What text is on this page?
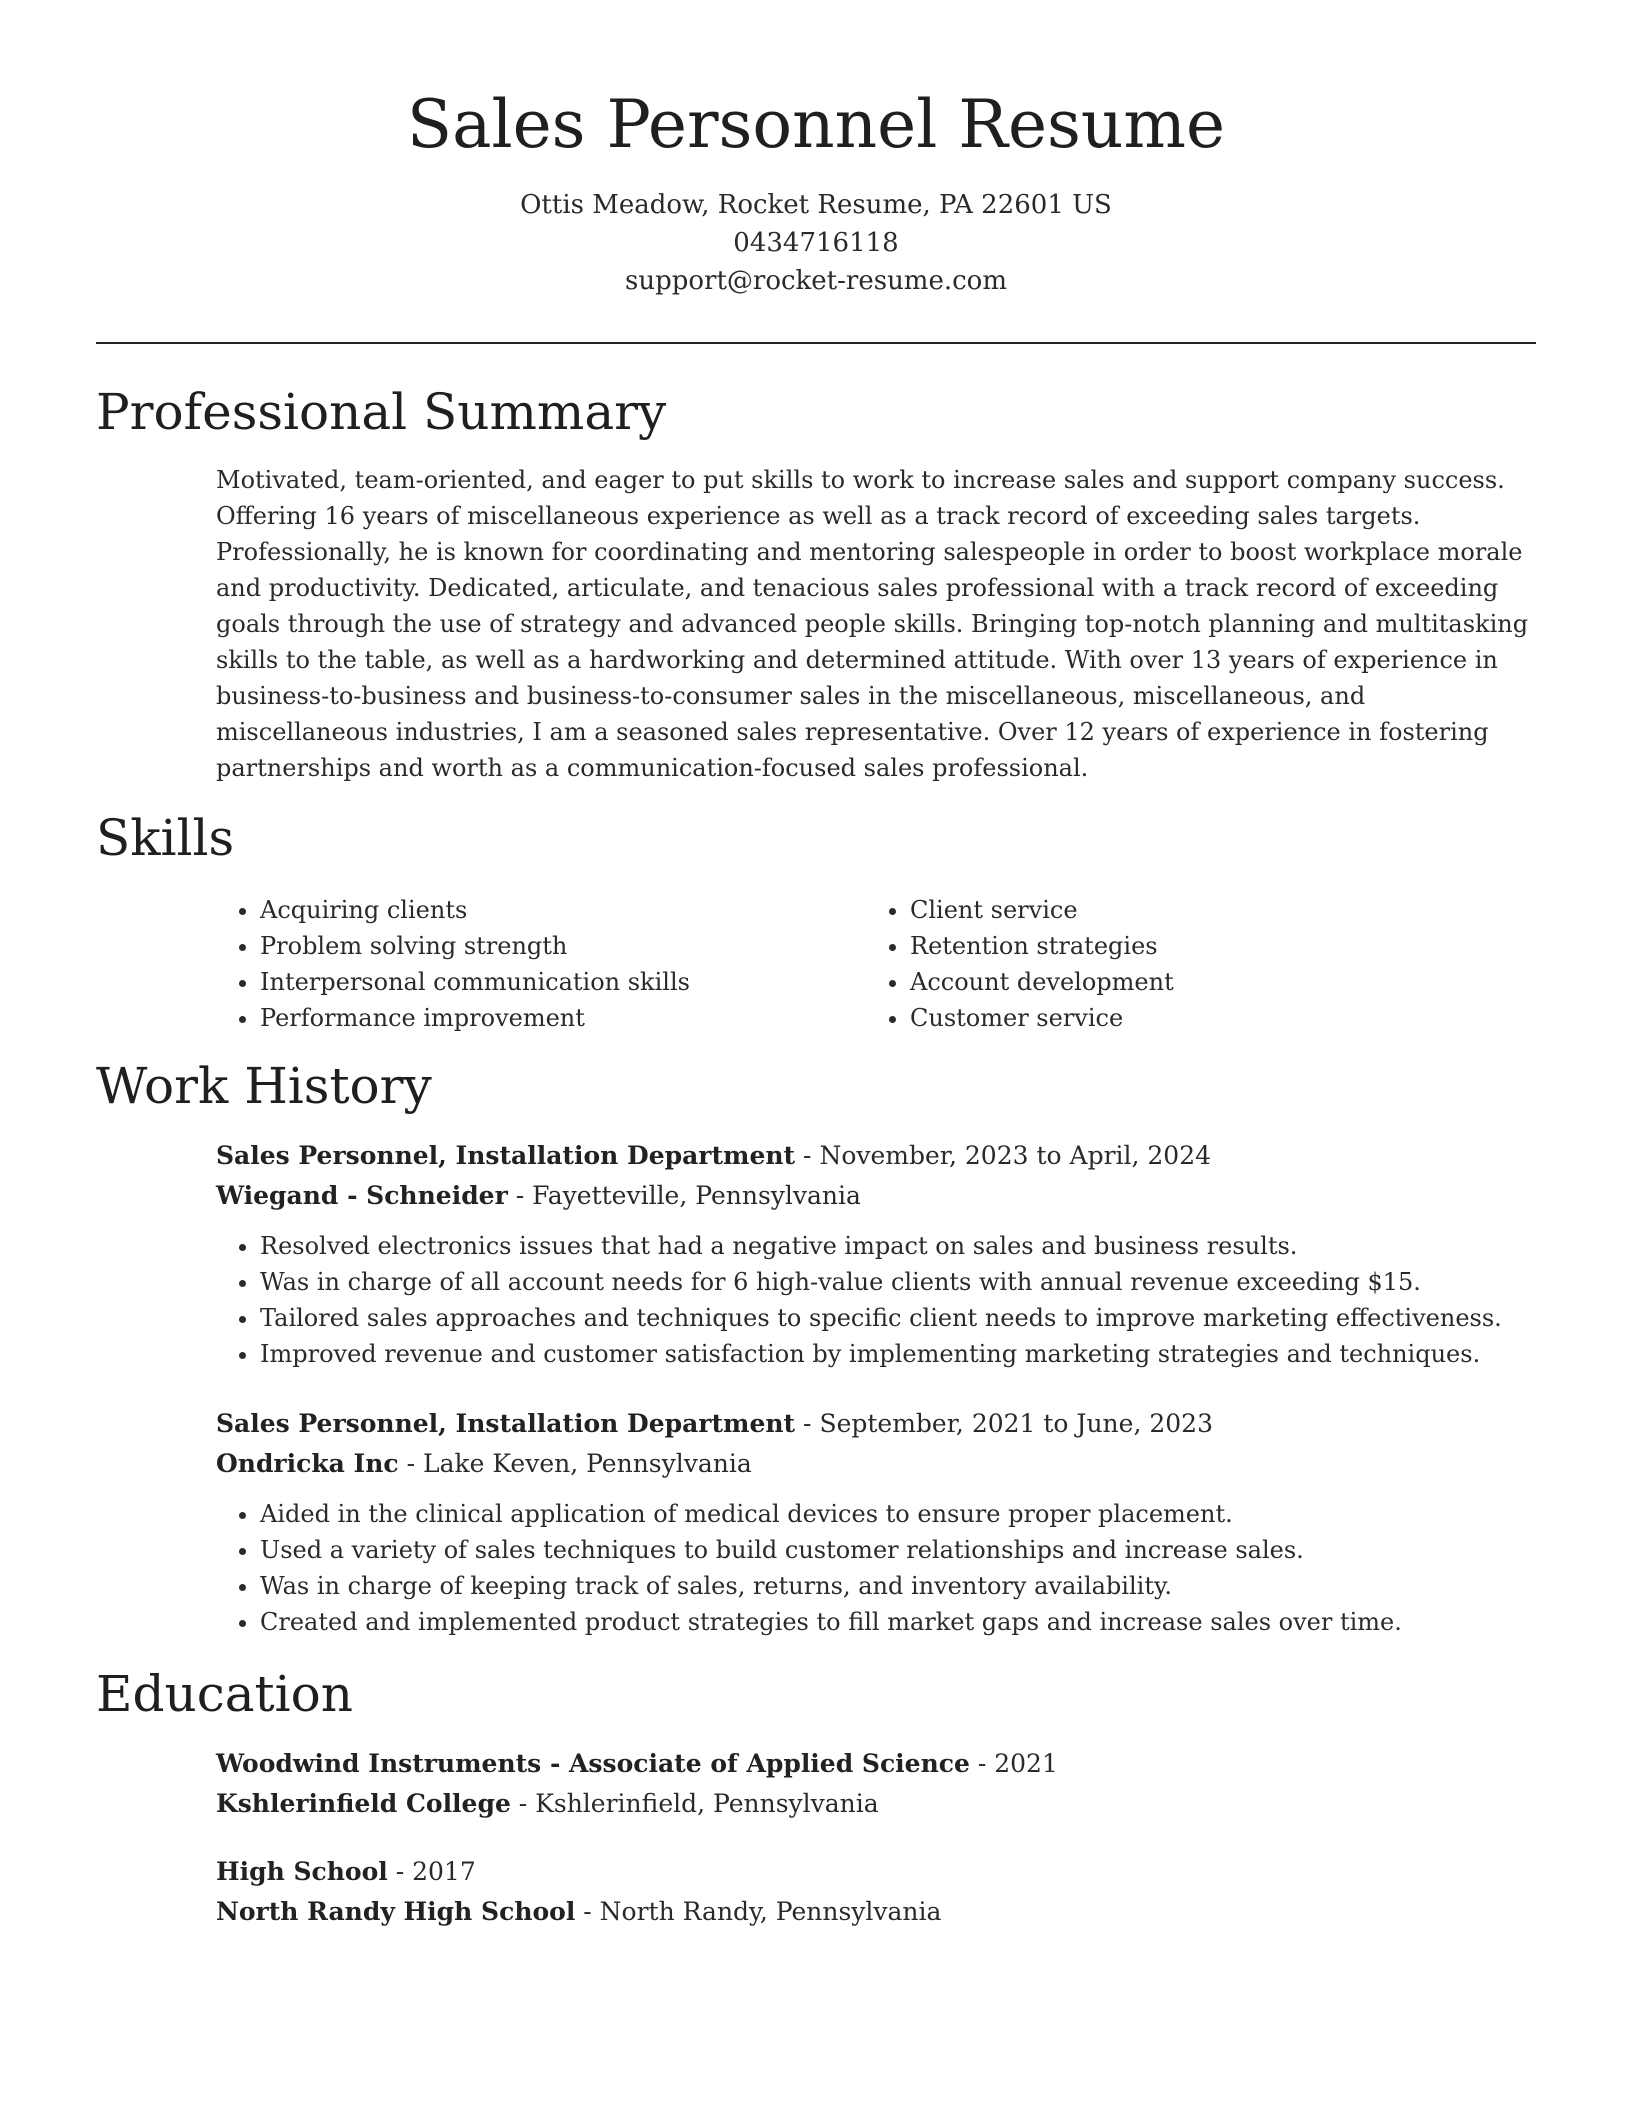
Sales Personnel Resume
Ottis Meadow, Rocket Resume, PA 22601 US
0434716118
support@rocket-resume.com
Professional Summary

Motivated, team-oriented, and eager to put skills to work to increase sales and support company success. Offering 16 years of miscellaneous experience as well as a track record of exceeding sales targets. Professionally, he is known for coordinating and mentoring salespeople in order to boost workplace morale and productivity. Dedicated, articulate, and tenacious sales professional with a track record of exceeding goals through the use of strategy and advanced people skills. Bringing top-notch planning and multitasking skills to the table, as well as a hardworking and determined attitude. With over 13 years of experience in business-to-business and business-to-consumer sales in the miscellaneous, miscellaneous, and miscellaneous industries, I am a seasoned sales representative. Over 12 years of experience in fostering partnerships and worth as a communication-focused sales professional.

Skills
• Acquiring clients
• Problem solving strength
• Interpersonal communication skills
• Performance improvement
• Client service
• Retention strategies
• Account development
• Customer service
Work History
Sales Personnel, Installation Department - November, 2023 to April, 2024
Wiegand - Schneider - Fayetteville, Pennsylvania
• Resolved electronics issues that had a negative impact on sales and business results.
• Was in charge of all account needs for 6 high-value clients with annual revenue exceeding $15.
• Tailored sales approaches and techniques to specific client needs to improve marketing effectiveness.
• Improved revenue and customer satisfaction by implementing marketing strategies and techniques.
Sales Personnel, Installation Department - September, 2021 to June, 2023
Ondricka Inc - Lake Keven, Pennsylvania
• Aided in the clinical application of medical devices to ensure proper placement.
• Used a variety of sales techniques to build customer relationships and increase sales.
• Was in charge of keeping track of sales, returns, and inventory availability.
• Created and implemented product strategies to fill market gaps and increase sales over time.
Education
Woodwind Instruments - Associate of Applied Science - 2021
Kshlerinfield College - Kshlerinfield, Pennsylvania
High School - 2017
North Randy High School - North Randy, Pennsylvania
